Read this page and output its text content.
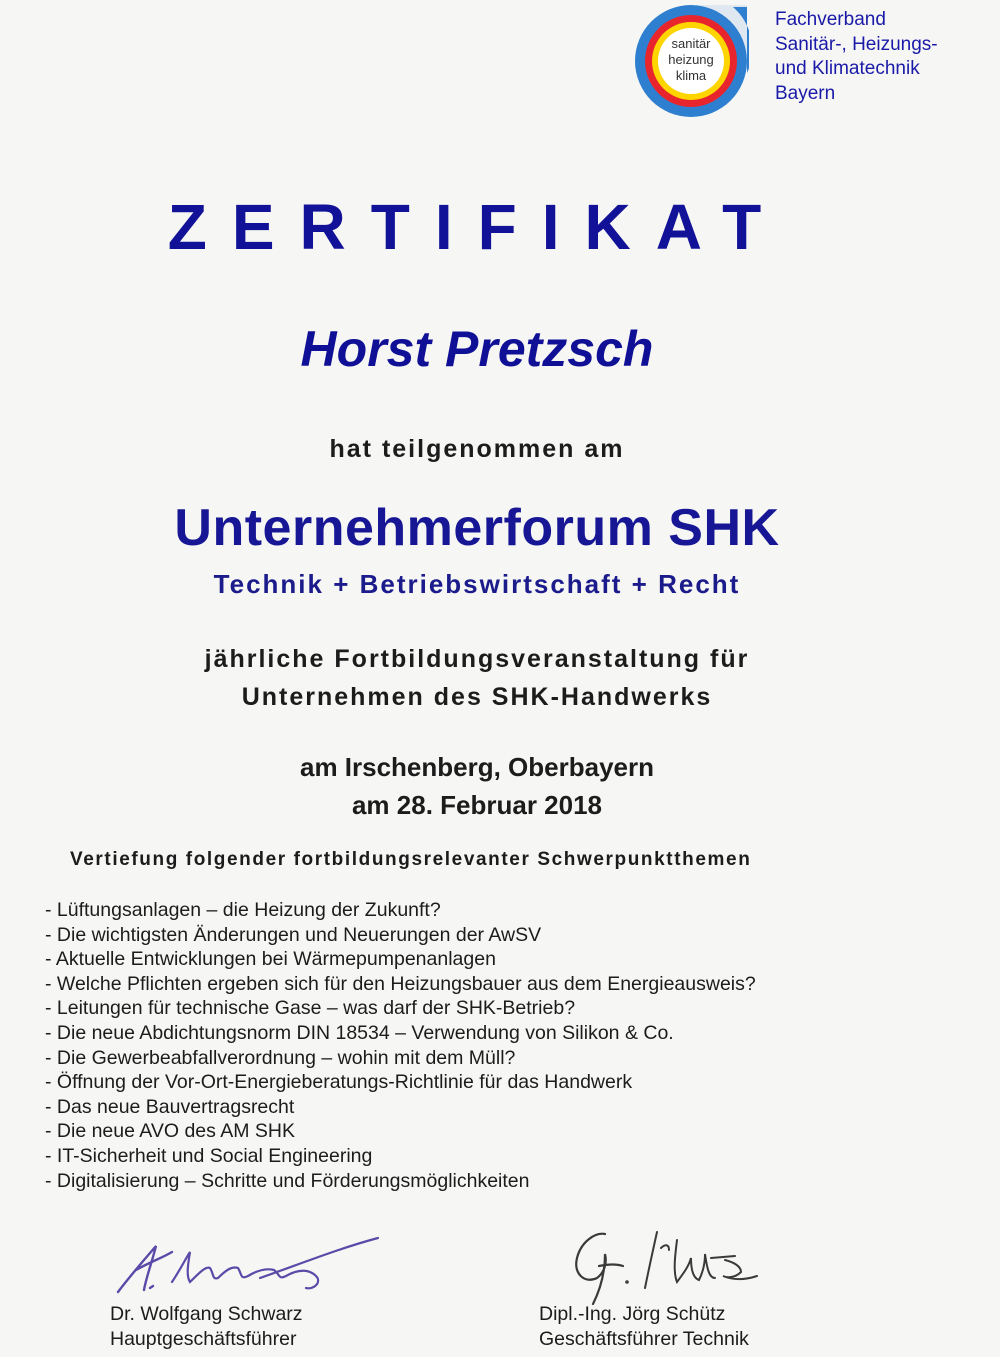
sanitär
heizung
klima
Fachverband
Sanitär-, Heizungs-
und Klimatechnik
Bayern
ZERTIFIKAT
Horst Pretzsch
hat teilgenommen am
Unternehmerforum SHK
Technik + Betriebswirtschaft + Recht
jährliche Fortbildungsveranstaltung für
Unternehmen des SHK-Handwerks
am Irschenberg, Oberbayern
am 28. Februar 2018
Vertiefung folgender fortbildungsrelevanter Schwerpunktthemen
- Lüftungsanlagen – die Heizung der Zukunft?
- Die wichtigsten Änderungen und Neuerungen der AwSV
- Aktuelle Entwicklungen bei Wärmepumpenanlagen
- Welche Pflichten ergeben sich für den Heizungsbauer aus dem Energieausweis?
- Leitungen für technische Gase – was darf der SHK-Betrieb?
- Die neue Abdichtungsnorm DIN 18534 – Verwendung von Silikon & Co.
- Die Gewerbeabfallverordnung – wohin mit dem Müll?
- Öffnung der Vor-Ort-Energieberatungs-Richtlinie für das Handwerk
- Das neue Bauvertragsrecht
- Die neue AVO des AM SHK
- IT-Sicherheit und Social Engineering
- Digitalisierung – Schritte und Förderungsmöglichkeiten
Dr. Wolfgang Schwarz
Hauptgeschäftsführer
Dipl.-Ing. Jörg Schütz
Geschäftsführer Technik
